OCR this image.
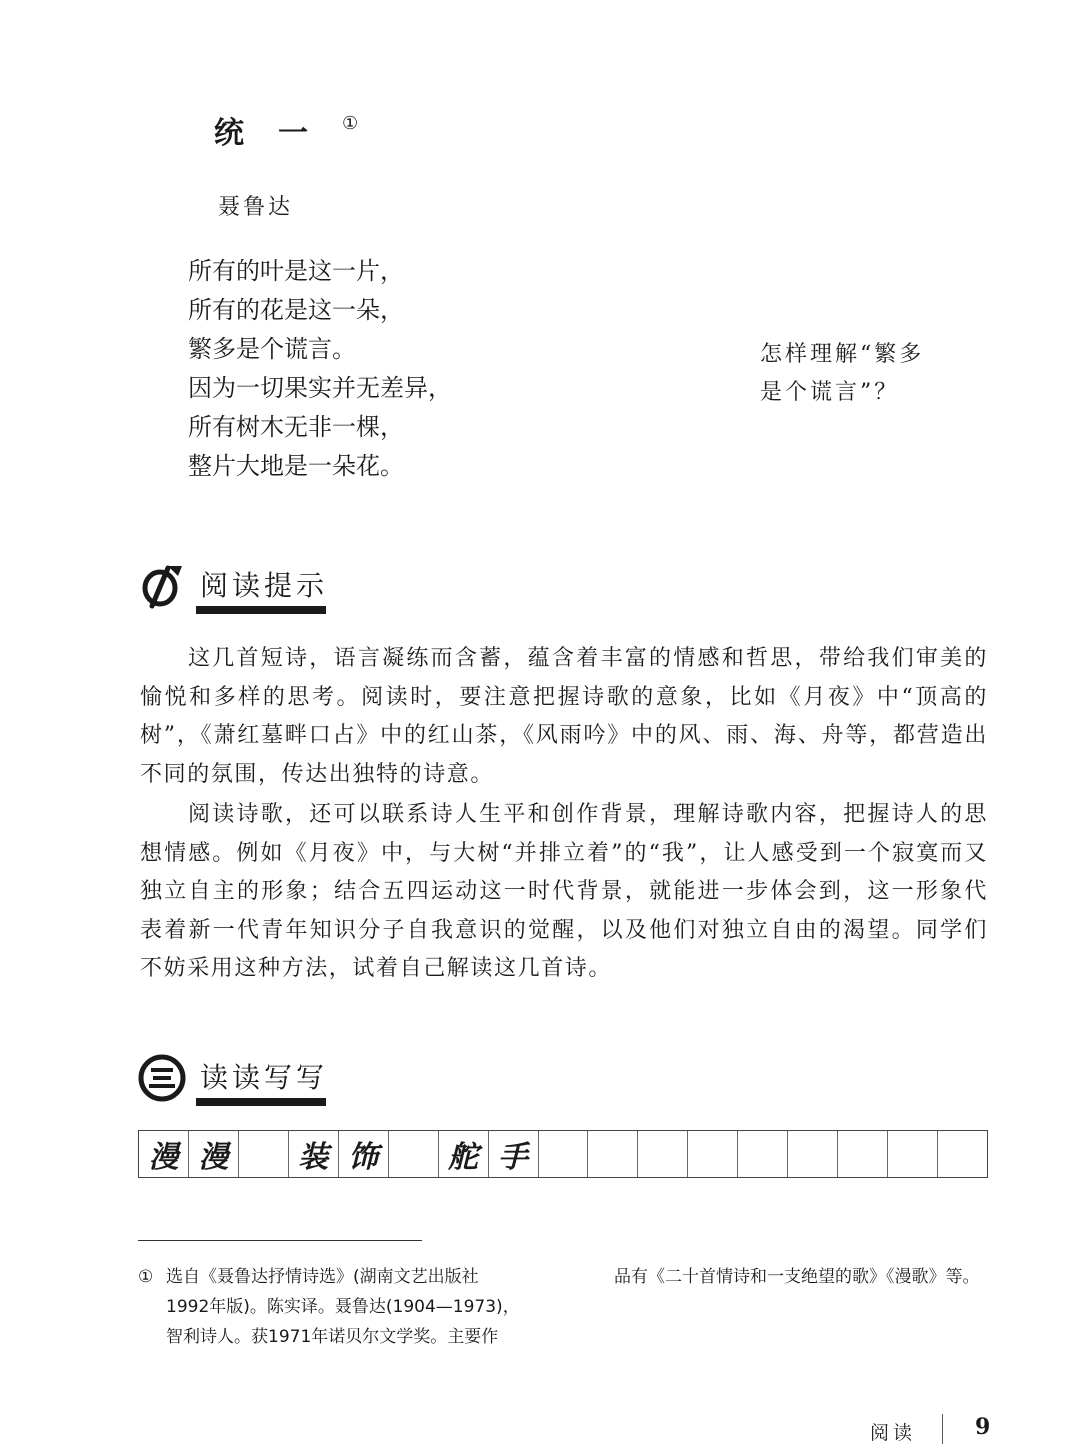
统一①
聂鲁达
所有的叶是这一片，
所有的花是这一朵，
繁多是个谎言。
因为一切果实并无差异，
所有树木无非一棵，
整片大地是一朵花。
怎样理解“繁多
是个谎言”？
阅读提示

这几首短诗，语言凝练而含蓄，蕴含着丰富的情感和哲思，带给我们审美的愉悦和多样的思考。阅读时，要注意把握诗歌的意象，比如《月夜》中“顶高的树”，《萧红墓畔口占》中的红山茶，《风雨吟》中的风、雨、海、舟等，都营造出不同的氛围，传达出独特的诗意。

阅读诗歌，还可以联系诗人生平和创作背景，理解诗歌内容，把握诗人的思想情感。例如《月夜》中，与大树“并排立着”的“我”，让人感受到一个寂寞而又独立自主的形象；结合五四运动这一时代背景，就能进一步体会到，这一形象代表着新一代青年知识分子自我意识的觉醒，以及他们对独立自由的渴望。同学们不妨采用这种方法，试着自己解读这几首诗。

读读写写
漫 漫	装 饰	舵 手
① 选自《聂鲁达抒情诗选》(湖南文艺出版社
1992年版)。陈实译。聂鲁达(1904—1973)，
智利诗人。获1971年诺贝尔文学奖。主要作
品有《二十首情诗和一支绝望的歌》《漫歌》等。
阅读	9
